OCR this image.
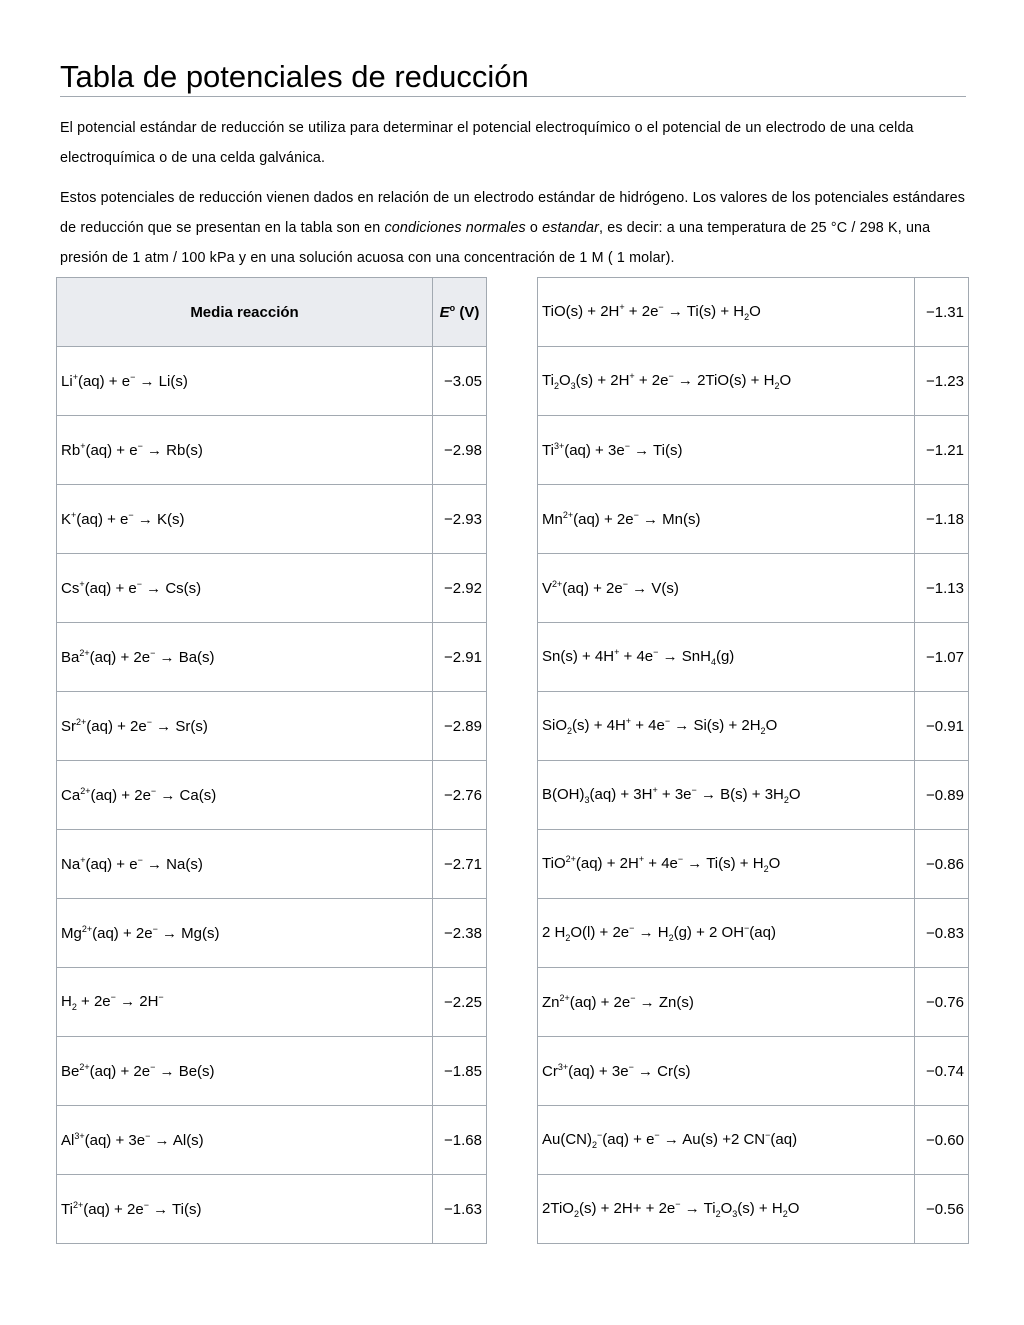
Tabla de potenciales de reducción

El potencial estándar de reducción se utiliza para determinar el potencial electroquímico o el potencial de un electrodo de una celda electroquímica o de una celda galvánica.

Estos potenciales de reducción vienen dados en relación de un electrodo estándar de hidrógeno. Los valores de los potenciales estándares de reducción que se presentan en la tabla son en condiciones normales o estandar, es decir: a una temperatura de 25 °C / 298 K, una presión de 1 atm / 100 kPa y en una solución acuosa con una concentración de 1 M ( 1 molar).

Media reacción	$E^o$ (V)
Li+(aq) + e− → Li(s)	−3.05
Rb+(aq) + e− → Rb(s)	−2.98
K+(aq) + e− → K(s)	−2.93
Cs+(aq) + e− → Cs(s)	−2.92
$Ba^{2+}(aq) + 2e^- \to Ba(s)$	−2.91
$Sr^{2+}(aq) + 2e^- \to Sr(s)$	−2.89
$Ca^{2+}(aq) + 2e^- \to Ca(s)$	−2.76
Na+(aq) + e− → Na(s)	−2.71
$Mg^{2+}(aq) + 2e^- \to Mg(s)$	−2.38
$H_2 + 2e^- \to 2H^-$	−2.25
$Be^{2+}(aq) + 2e^- \to Be(s)$	−1.85
$Al^{3+}(aq) + 3e^- \to Al(s)$	−1.68
$Ti^{2+}(aq) + 2e^- \to Ti(s)$	−1.63
$TiO(s) + 2H^+ + 2e^- \to Ti(s) + H_2O$	−1.31
$Ti_2O_3(s) + 2H^+ + 2e^- \to 2TiO(s) + H_2O$	−1.23
$Ti^{3+}(aq) + 3e^- \to Ti(s)$	−1.21
$Mn^{2+}(aq) + 2e^- \to Mn(s)$	−1.18
$V^{2+}(aq) + 2e^- \to V(s)$	−1.13
Sn(s) + 4H+ + 4e− → SnH$_4$(g)	−1.07
$SiO_2(s) + 4H^+ + 4e^- \to Si(s) + 2H_2O$	−0.91
$B(OH)_3(aq) + 3H^+ + 3e^- \to B(s) + 3H_2O$	−0.89
$TiO^{2+}(aq) + 2H^+ + 4e^- \to Ti(s) + H_2O$	−0.86
2 $H_2O(l) + 2e^- \to H_2(g) + 2$ OH−(aq)	−0.83
$Zn^{2+}(aq) + 2e^- \to Zn(s)$	−0.76
$Cr^{3+}(aq) + 3e^- \to Cr(s)$	−0.74
$Au(CN)_2^-(aq) + e^- \to Au(s) +2$ CN−(aq)	−0.60
$2TiO_2(s) + 2H+ + 2e^- \to Ti_2O_3(s) + H_2O$	−0.56
